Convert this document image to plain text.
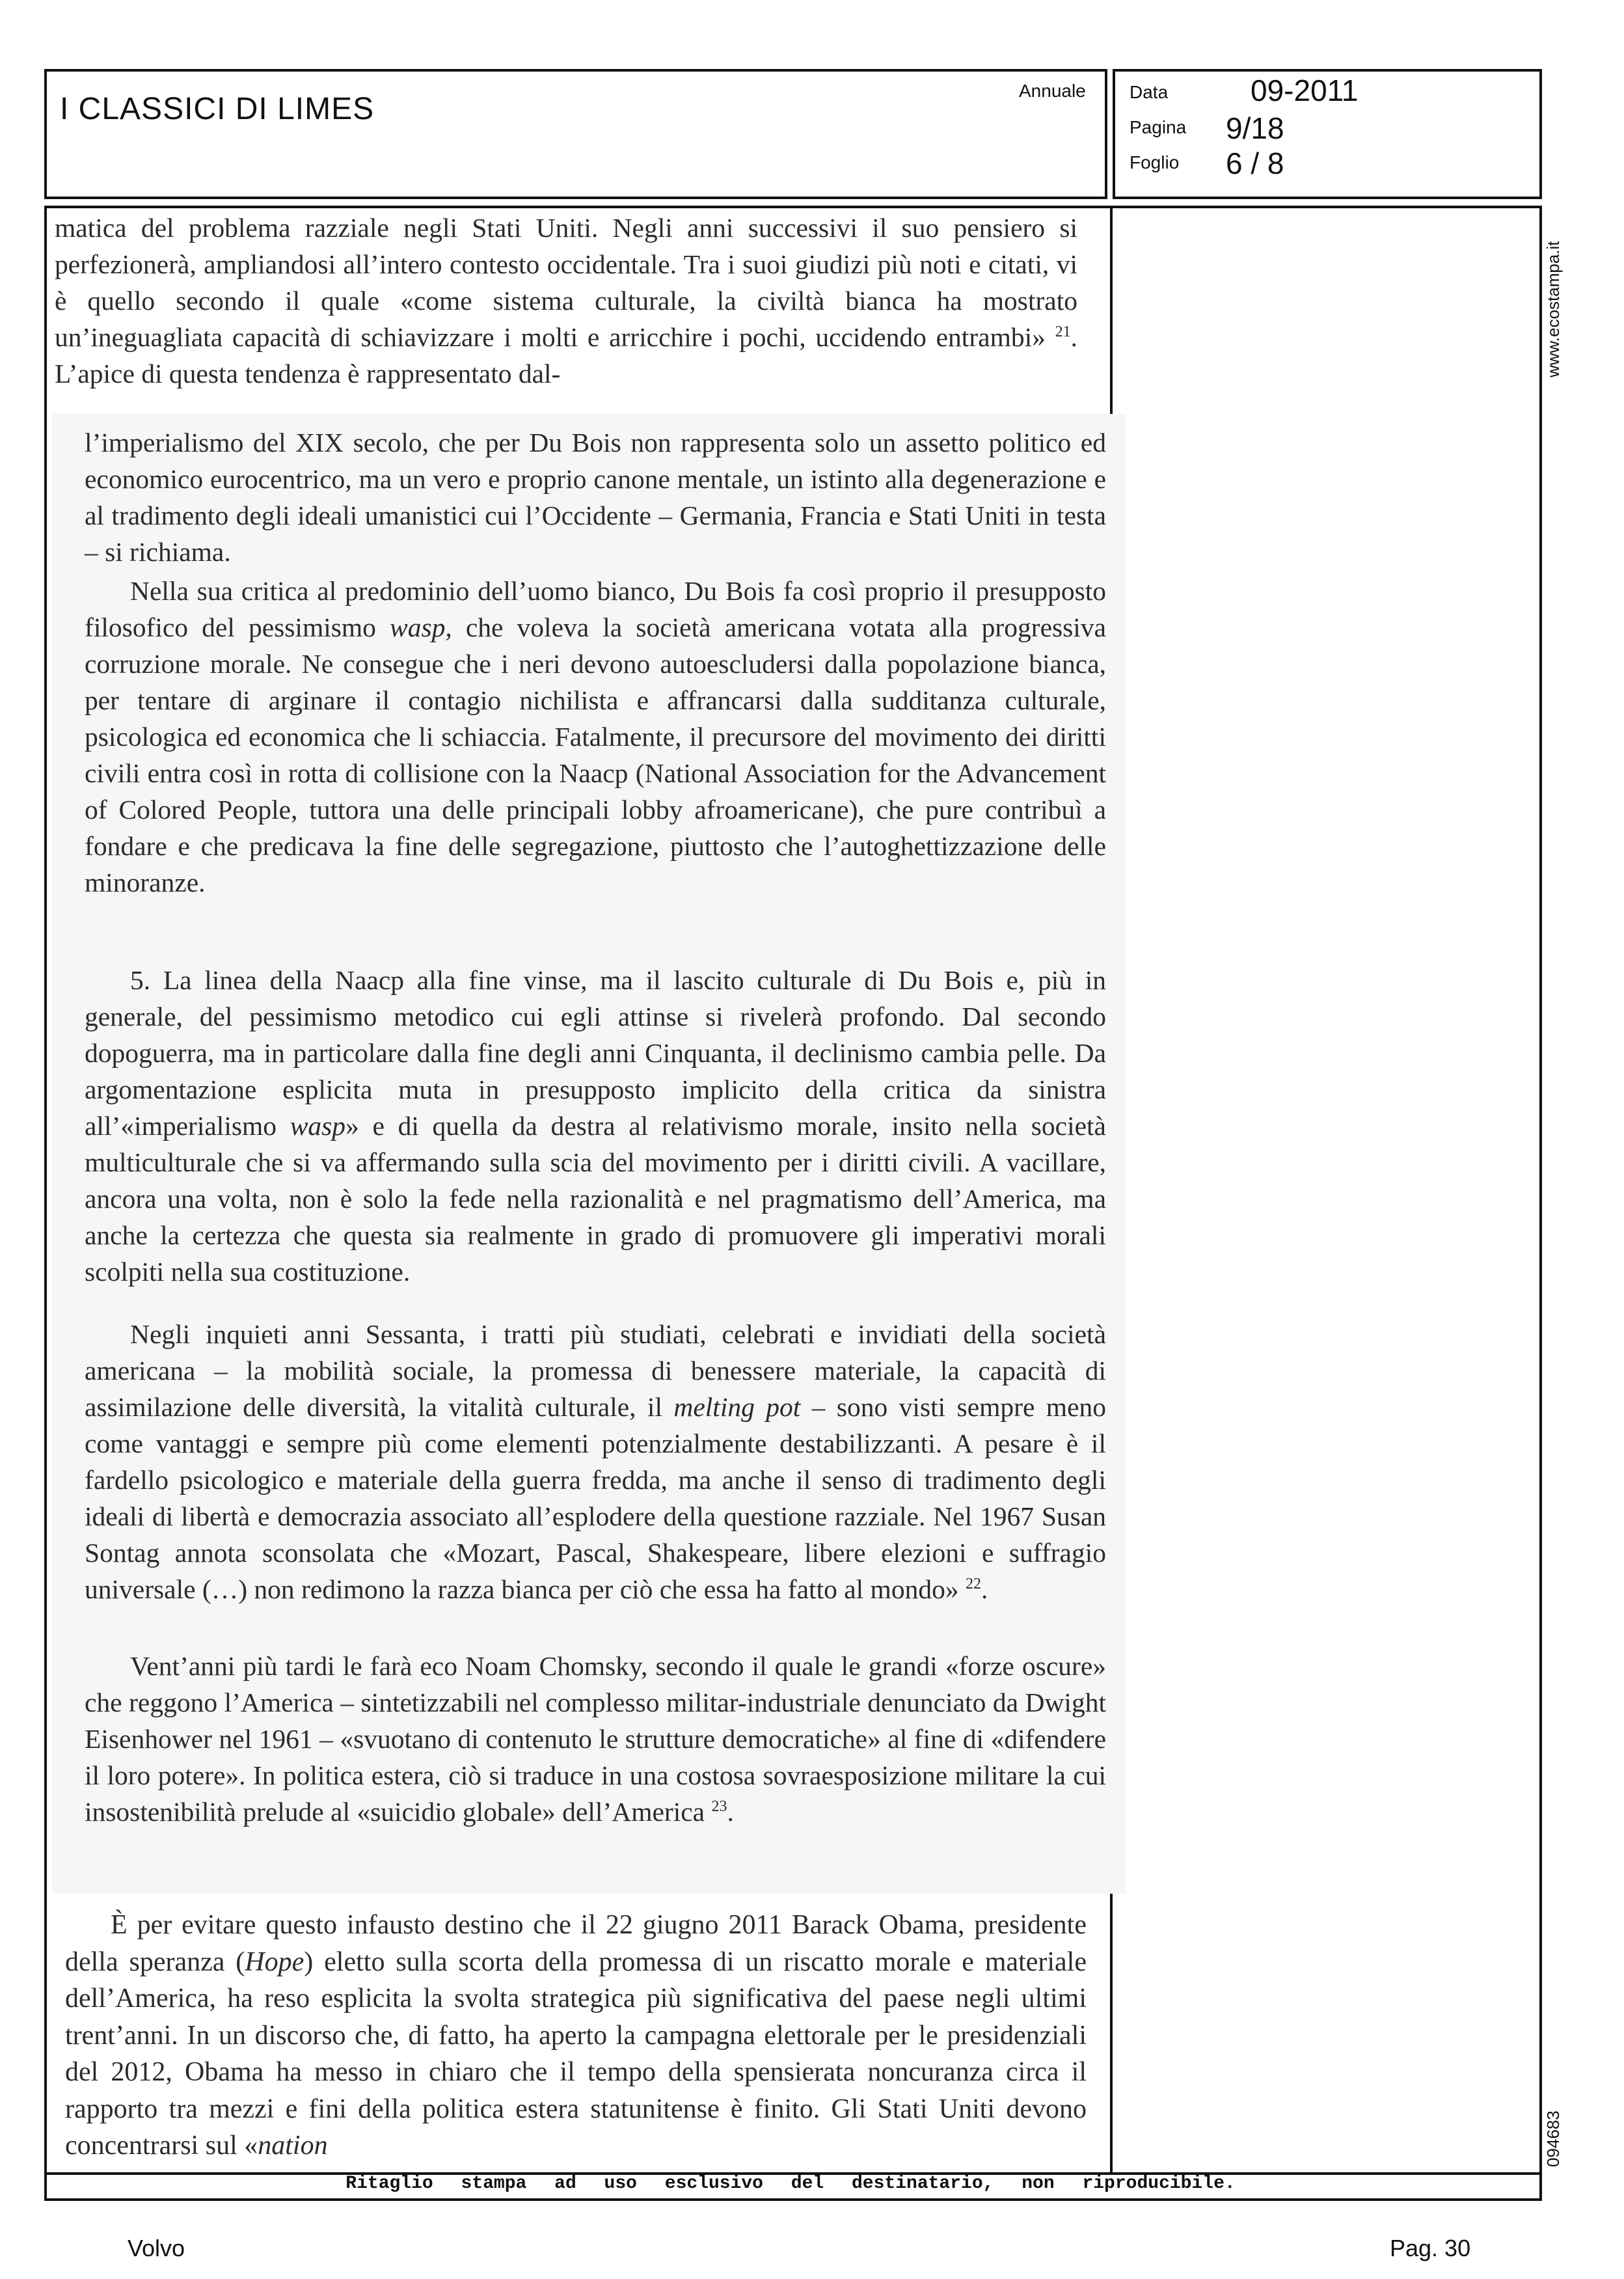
I CLASSICI DI LIMES
Annuale Data	09-2011
Pagina 9/18
Foglio 6 / 8
www.ecostampa.it
094683

matica del problema razziale negli Stati Uniti. Negli anni successivi il suo pensiero si perfezionerà, ampliandosi all’intero contesto occidentale. Tra i suoi giudizi più noti e citati, vi è quello secondo il quale «come sistema culturale, la civiltà bianca ha mostrato un’ineguagliata capacità di schiavizzare i molti e arricchire i pochi, uccidendo entrambi» $^{21}$. L’apice di questa tendenza è rappresentato dal-

l’imperialismo del XIX secolo, che per Du Bois non rappresenta solo un assetto politico ed economico eurocentrico, ma un vero e proprio canone mentale, un istinto alla degenerazione e al tradimento degli ideali umanistici cui l’Occidente – Germania, Francia e Stati Uniti in testa – si richiama.

Nella sua critica al predominio dell’uomo bianco, Du Bois fa così proprio il presupposto filosofico del pessimismo wasp, che voleva la società americana votata alla progressiva corruzione morale. Ne consegue che i neri devono autoescludersi dalla popolazione bianca, per tentare di arginare il contagio nichilista e affrancarsi dalla sudditanza culturale, psicologica ed economica che li schiaccia. Fatalmente, il precursore del movimento dei diritti civili entra così in rotta di collisione con la Naacp (National Association for the Advancement of Colored People, tuttora una delle principali lobby afroamericane), che pure contribuì a fondare e che predicava la fine delle segregazione, piuttosto che l’autoghettizzazione delle minoranze.

5. La linea della Naacp alla fine vinse, ma il lascito culturale di Du Bois e, più in generale, del pessimismo metodico cui egli attinse si rivelerà profondo. Dal secondo dopoguerra, ma in particolare dalla fine degli anni Cinquanta, il declinismo cambia pelle. Da argomentazione esplicita muta in presupposto implicito della critica da sinistra all’«imperialismo wasp» e di quella da destra al relativismo morale, insito nella società multiculturale che si va affermando sulla scia del movimento per i diritti civili. A vacillare, ancora una volta, non è solo la fede nella razionalità e nel pragmatismo dell’America, ma anche la certezza che questa sia realmente in grado di promuovere gli imperativi morali scolpiti nella sua costituzione.

Negli inquieti anni Sessanta, i tratti più studiati, celebrati e invidiati della società americana – la mobilità sociale, la promessa di benessere materiale, la capacità di assimilazione delle diversità, la vitalità culturale, il melting pot – sono visti sempre meno come vantaggi e sempre più come elementi potenzialmente destabilizzanti. A pesare è il fardello psicologico e materiale della guerra fredda, ma anche il senso di tradimento degli ideali di libertà e democrazia associato all’esplodere della questione razziale. Nel 1967 Susan Sontag annota sconsolata che «Mozart, Pascal, Shakespeare, libere elezioni e suffragio universale (…) non redimono la razza bianca per ciò che essa ha fatto al mondo» $^{22}$.

Vent’anni più tardi le farà eco Noam Chomsky, secondo il quale le grandi «forze oscure» che reggono l’America – sintetizzabili nel complesso militar-industriale denunciato da Dwight Eisenhower nel 1961 – «svuotano di contenuto le strutture democratiche» al fine di «difendere il loro potere». In politica estera, ciò si traduce in una costosa sovraesposizione militare la cui insostenibilità prelude al «suicidio globale» dell’America $^{23}$.

È per evitare questo infausto destino che il 22 giugno 2011 Barack Obama, presidente della speranza (Hope) eletto sulla scorta della promessa di un riscatto morale e materiale dell’America, ha reso esplicita la svolta strategica più significativa del paese negli ultimi trent’anni. In un discorso che, di fatto, ha aperto la campagna elettorale per le presidenziali del 2012, Obama ha messo in chiaro che il tempo della spensierata noncuranza circa il rapporto tra mezzi e fini della politica estera statunitense è finito. Gli Stati Uniti devono concentrarsi sul «nation

Ritaglio stampa ad uso esclusivo del destinatario, non riproducibile.
Volvo	Pag. 30
